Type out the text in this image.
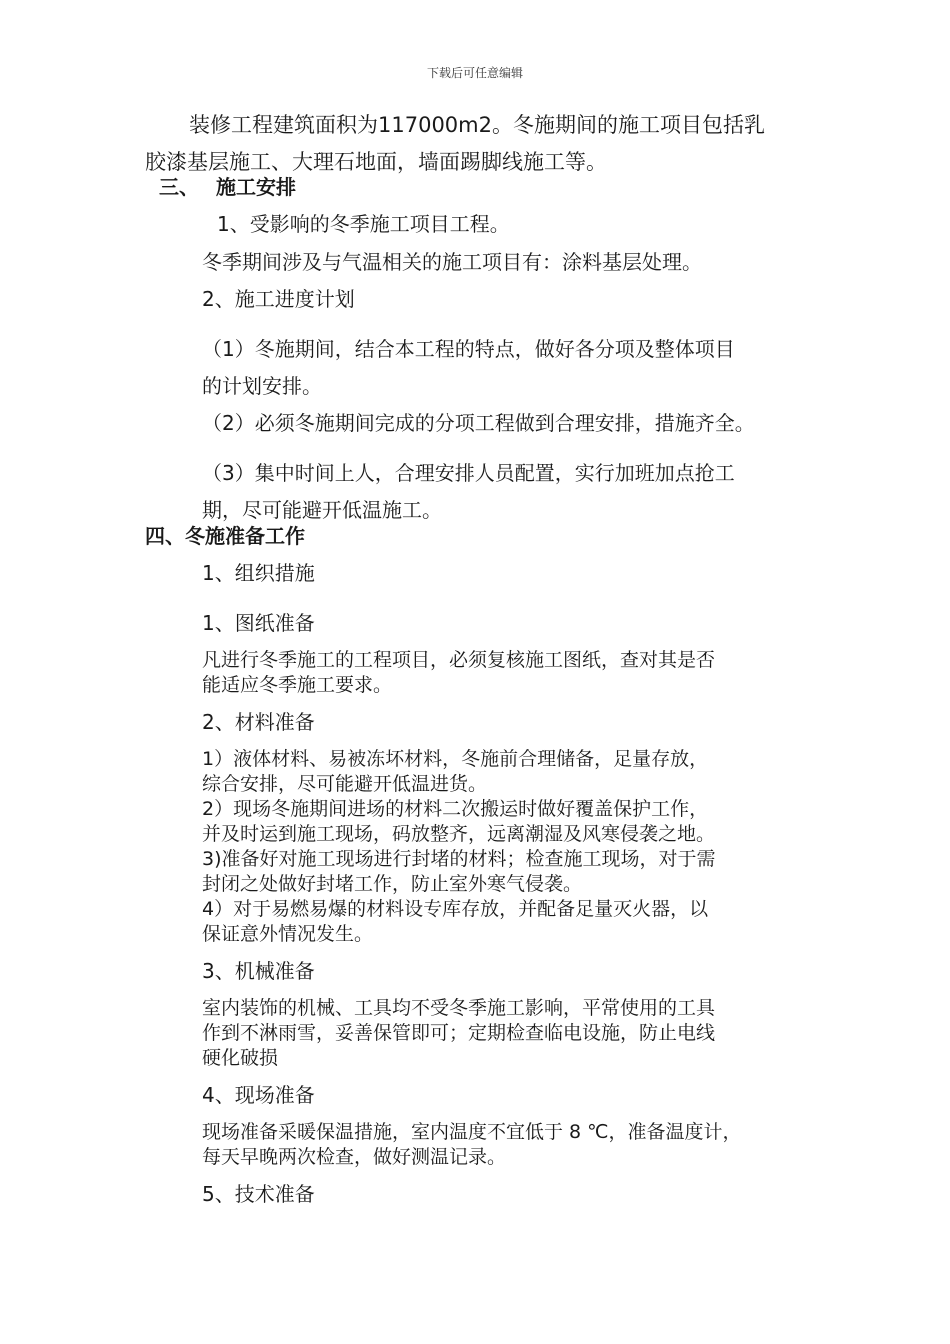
下载后可任意编辑

装修工程建筑面积为117000m2。冬施期间的施工项目包括乳

胶漆基层施工、大理石地面，墙面踢脚线施工等。

三、 施工安排

1、受影响的冬季施工项目工程。

冬季期间涉及与气温相关的施工项目有：涂料基层处理。

2、施工进度计划

（1）冬施期间，结合本工程的特点，做好各分项及整体项目

的计划安排。

（2）必须冬施期间完成的分项工程做到合理安排，措施齐全。

（3）集中时间上人，合理安排人员配置，实行加班加点抢工

期，尽可能避开低温施工。

四、冬施准备工作

1、组织措施

1、图纸准备

凡进行冬季施工的工程项目，必须复核施工图纸，查对其是否

能适应冬季施工要求。

2、材料准备

1）液体材料、易被冻坏材料，冬施前合理储备，足量存放，

综合安排，尽可能避开低温进货。

2）现场冬施期间进场的材料二次搬运时做好覆盖保护工作，

并及时运到施工现场，码放整齐，远离潮湿及风寒侵袭之地。

3)准备好对施工现场进行封堵的材料；检查施工现场，对于需

封闭之处做好封堵工作，防止室外寒气侵袭。

4）对于易燃易爆的材料设专库存放，并配备足量灭火器，以

保证意外情况发生。

3、机械准备

室内装饰的机械、工具均不受冬季施工影响，平常使用的工具

作到不淋雨雪，妥善保管即可；定期检查临电设施，防止电线

硬化破损

4、现场准备

现场准备采暖保温措施，室内温度不宜低于 8 ℃，准备温度计，

每天早晚两次检查，做好测温记录。

5、技术准备
